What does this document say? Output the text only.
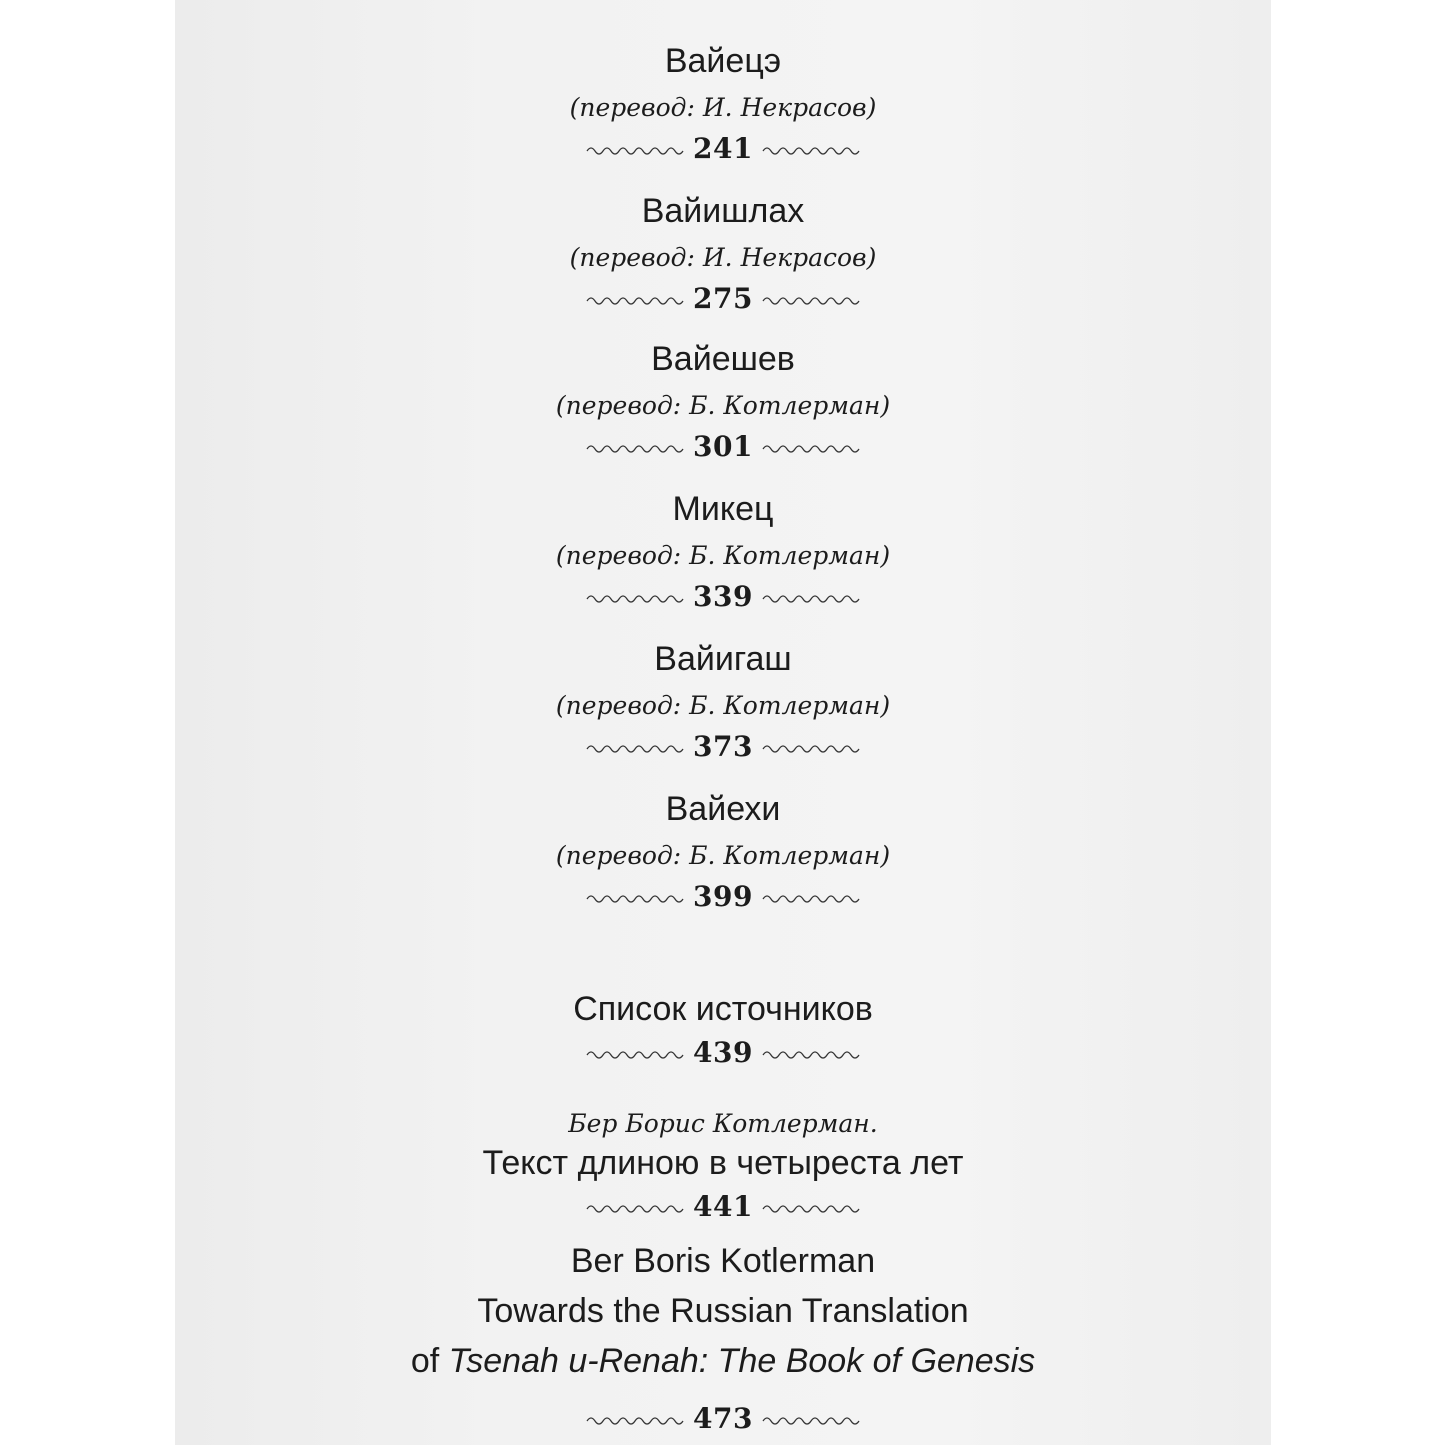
Вайецэ
(перевод: И. Некрасов)
241
Вайишлах
(перевод: И. Некрасов)
275
Вайешев
(перевод: Б. Котлерман)
301
Микец
(перевод: Б. Котлерман)
339
Вайигаш
(перевод: Б. Котлерман)
373
Вайехи
(перевод: Б. Котлерман)
399
Список источников
439
Бер Борис Котлерман.
Текст длиною в четыреста лет
441
Ber Boris Kotlerman
Towards the Russian Translation
of Tsenah u-Renah: The Book of Genesis
473
